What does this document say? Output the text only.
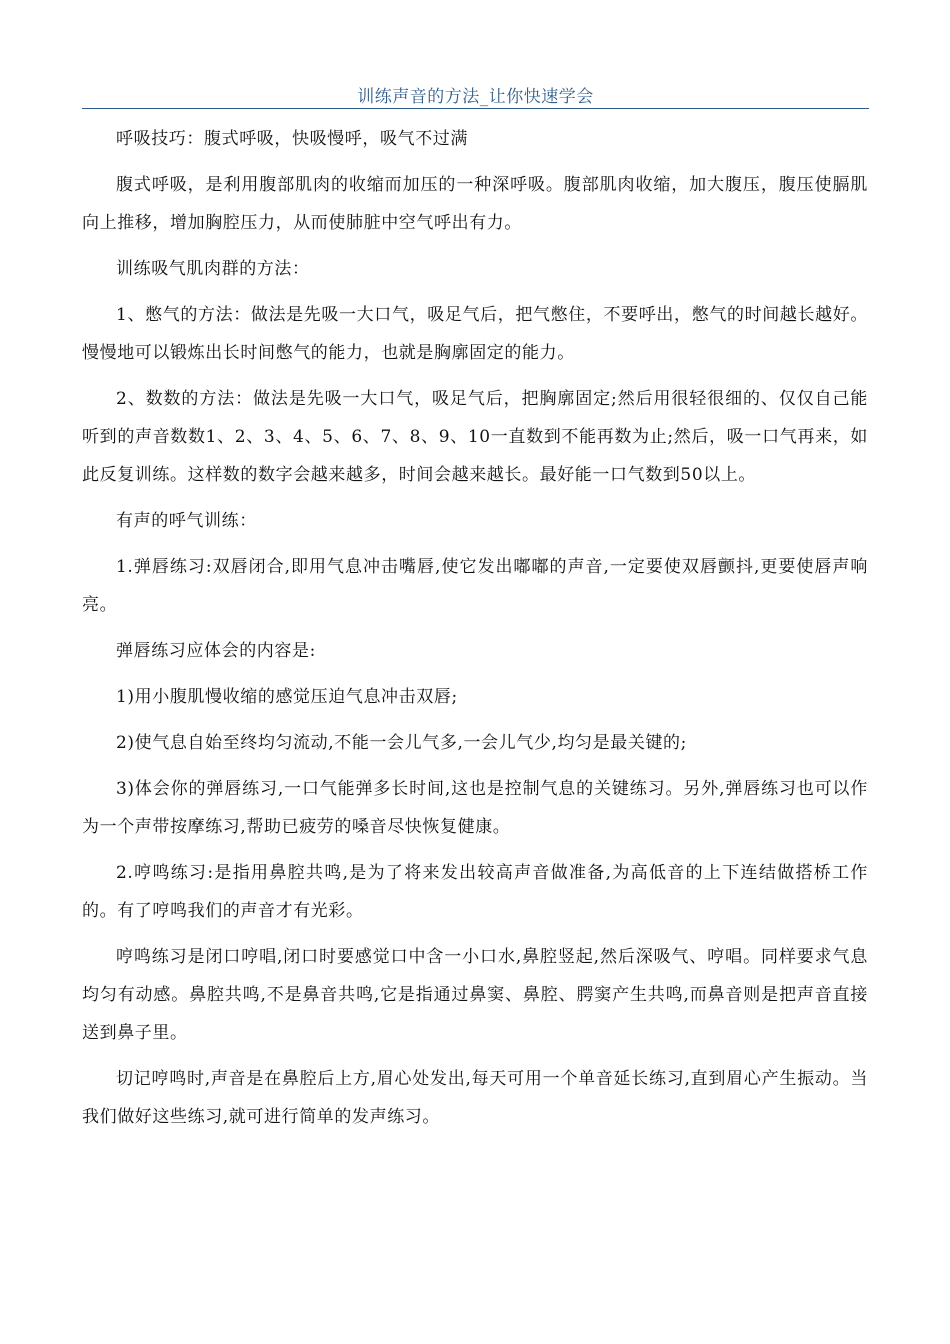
训练声音的方法_让你快速学会

呼吸技巧：腹式呼吸，快吸慢呼，吸气不过满

腹式呼吸，是利用腹部肌肉的收缩而加压的一种深呼吸。腹部肌肉收缩，加大腹压，腹压使膈肌向上推移，增加胸腔压力，从而使肺脏中空气呼出有力。

训练吸气肌肉群的方法：

1、憋气的方法：做法是先吸一大口气，吸足气后，把气憋住，不要呼出，憋气的时间越长越好。慢慢地可以锻炼出长时间憋气的能力，也就是胸廓固定的能力。

2、数数的方法：做法是先吸一大口气，吸足气后，把胸廓固定;然后用很轻很细的、仅仅自己能听到的声音数数1、2、3、4、5、6、7、8、9、10一直数到不能再数为止;然后，吸一口气再来，如此反复训练。这样数的数字会越来越多，时间会越来越长。最好能一口气数到50以上。

有声的呼气训练：

1.弹唇练习:双唇闭合,即用气息冲击嘴唇,使它发出嘟嘟的声音,一定要使双唇颤抖,更要使唇声响亮。

弹唇练习应体会的内容是:

1)用小腹肌慢收缩的感觉压迫气息冲击双唇;

2)使气息自始至终均匀流动,不能一会儿气多,一会儿气少,均匀是最关键的;

3)体会你的弹唇练习,一口气能弹多长时间,这也是控制气息的关键练习。另外,弹唇练习也可以作为一个声带按摩练习,帮助已疲劳的嗓音尽快恢复健康。

2.哼鸣练习:是指用鼻腔共鸣,是为了将来发出较高声音做准备,为高低音的上下连结做搭桥工作的。有了哼鸣我们的声音才有光彩。

哼鸣练习是闭口哼唱,闭口时要感觉口中含一小口水,鼻腔竖起,然后深吸气、哼唱。同样要求气息均匀有动感。鼻腔共鸣,不是鼻音共鸣,它是指通过鼻窦、鼻腔、腭窦产生共鸣,而鼻音则是把声音直接送到鼻子里。

切记哼鸣时,声音是在鼻腔后上方,眉心处发出,每天可用一个单音延长练习,直到眉心产生振动。当我们做好这些练习,就可进行简单的发声练习。
